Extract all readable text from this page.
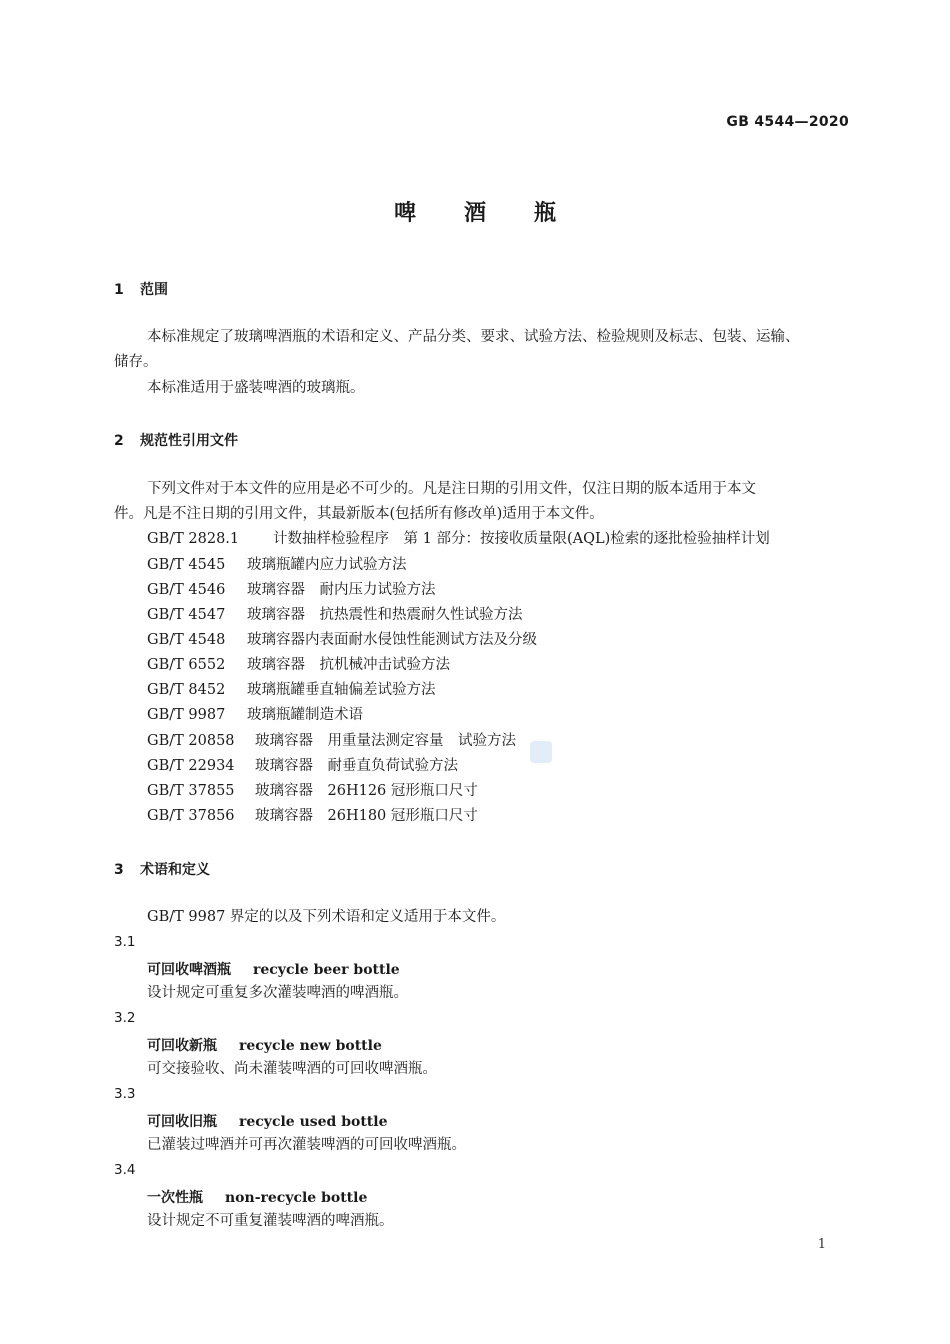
GB 4544—2020
啤酒瓶
1 范围
本标准规定了玻璃啤酒瓶的术语和定义、产品分类、要求、试验方法、检验规则及标志、包装、运输、
储存。
本标准适用于盛装啤酒的玻璃瓶。
2 规范性引用文件
下列文件对于本文件的应用是必不可少的。凡是注日期的引用文件，仅注日期的版本适用于本文
件。凡是不注日期的引用文件，其最新版本(包括所有修改单)适用于本文件。
GB/T 2828.1 计数抽样检验程序　第 1 部分：按接收质量限(AQL)检索的逐批检验抽样计划
GB/T 4545 玻璃瓶罐内应力试验方法
GB/T 4546 玻璃容器　耐内压力试验方法
GB/T 4547 玻璃容器　抗热震性和热震耐久性试验方法
GB/T 4548 玻璃容器内表面耐水侵蚀性能测试方法及分级
GB/T 6552 玻璃容器　抗机械冲击试验方法
GB/T 8452 玻璃瓶罐垂直轴偏差试验方法
GB/T 9987 玻璃瓶罐制造术语
GB/T 20858 玻璃容器　用重量法测定容量　试验方法
GB/T 22934 玻璃容器　耐垂直负荷试验方法
GB/T 37855 玻璃容器　26H126 冠形瓶口尺寸
GB/T 37856 玻璃容器　26H180 冠形瓶口尺寸
3 术语和定义
GB/T 9987 界定的以及下列术语和定义适用于本文件。
3.1
可回收啤酒瓶 recycle beer bottle
设计规定可重复多次灌装啤酒的啤酒瓶。
3.2
可回收新瓶 recycle new bottle
可交接验收、尚未灌装啤酒的可回收啤酒瓶。
3.3
可回收旧瓶 recycle used bottle
已灌装过啤酒并可再次灌装啤酒的可回收啤酒瓶。
3.4
一次性瓶 non-recycle bottle
设计规定不可重复灌装啤酒的啤酒瓶。
1
